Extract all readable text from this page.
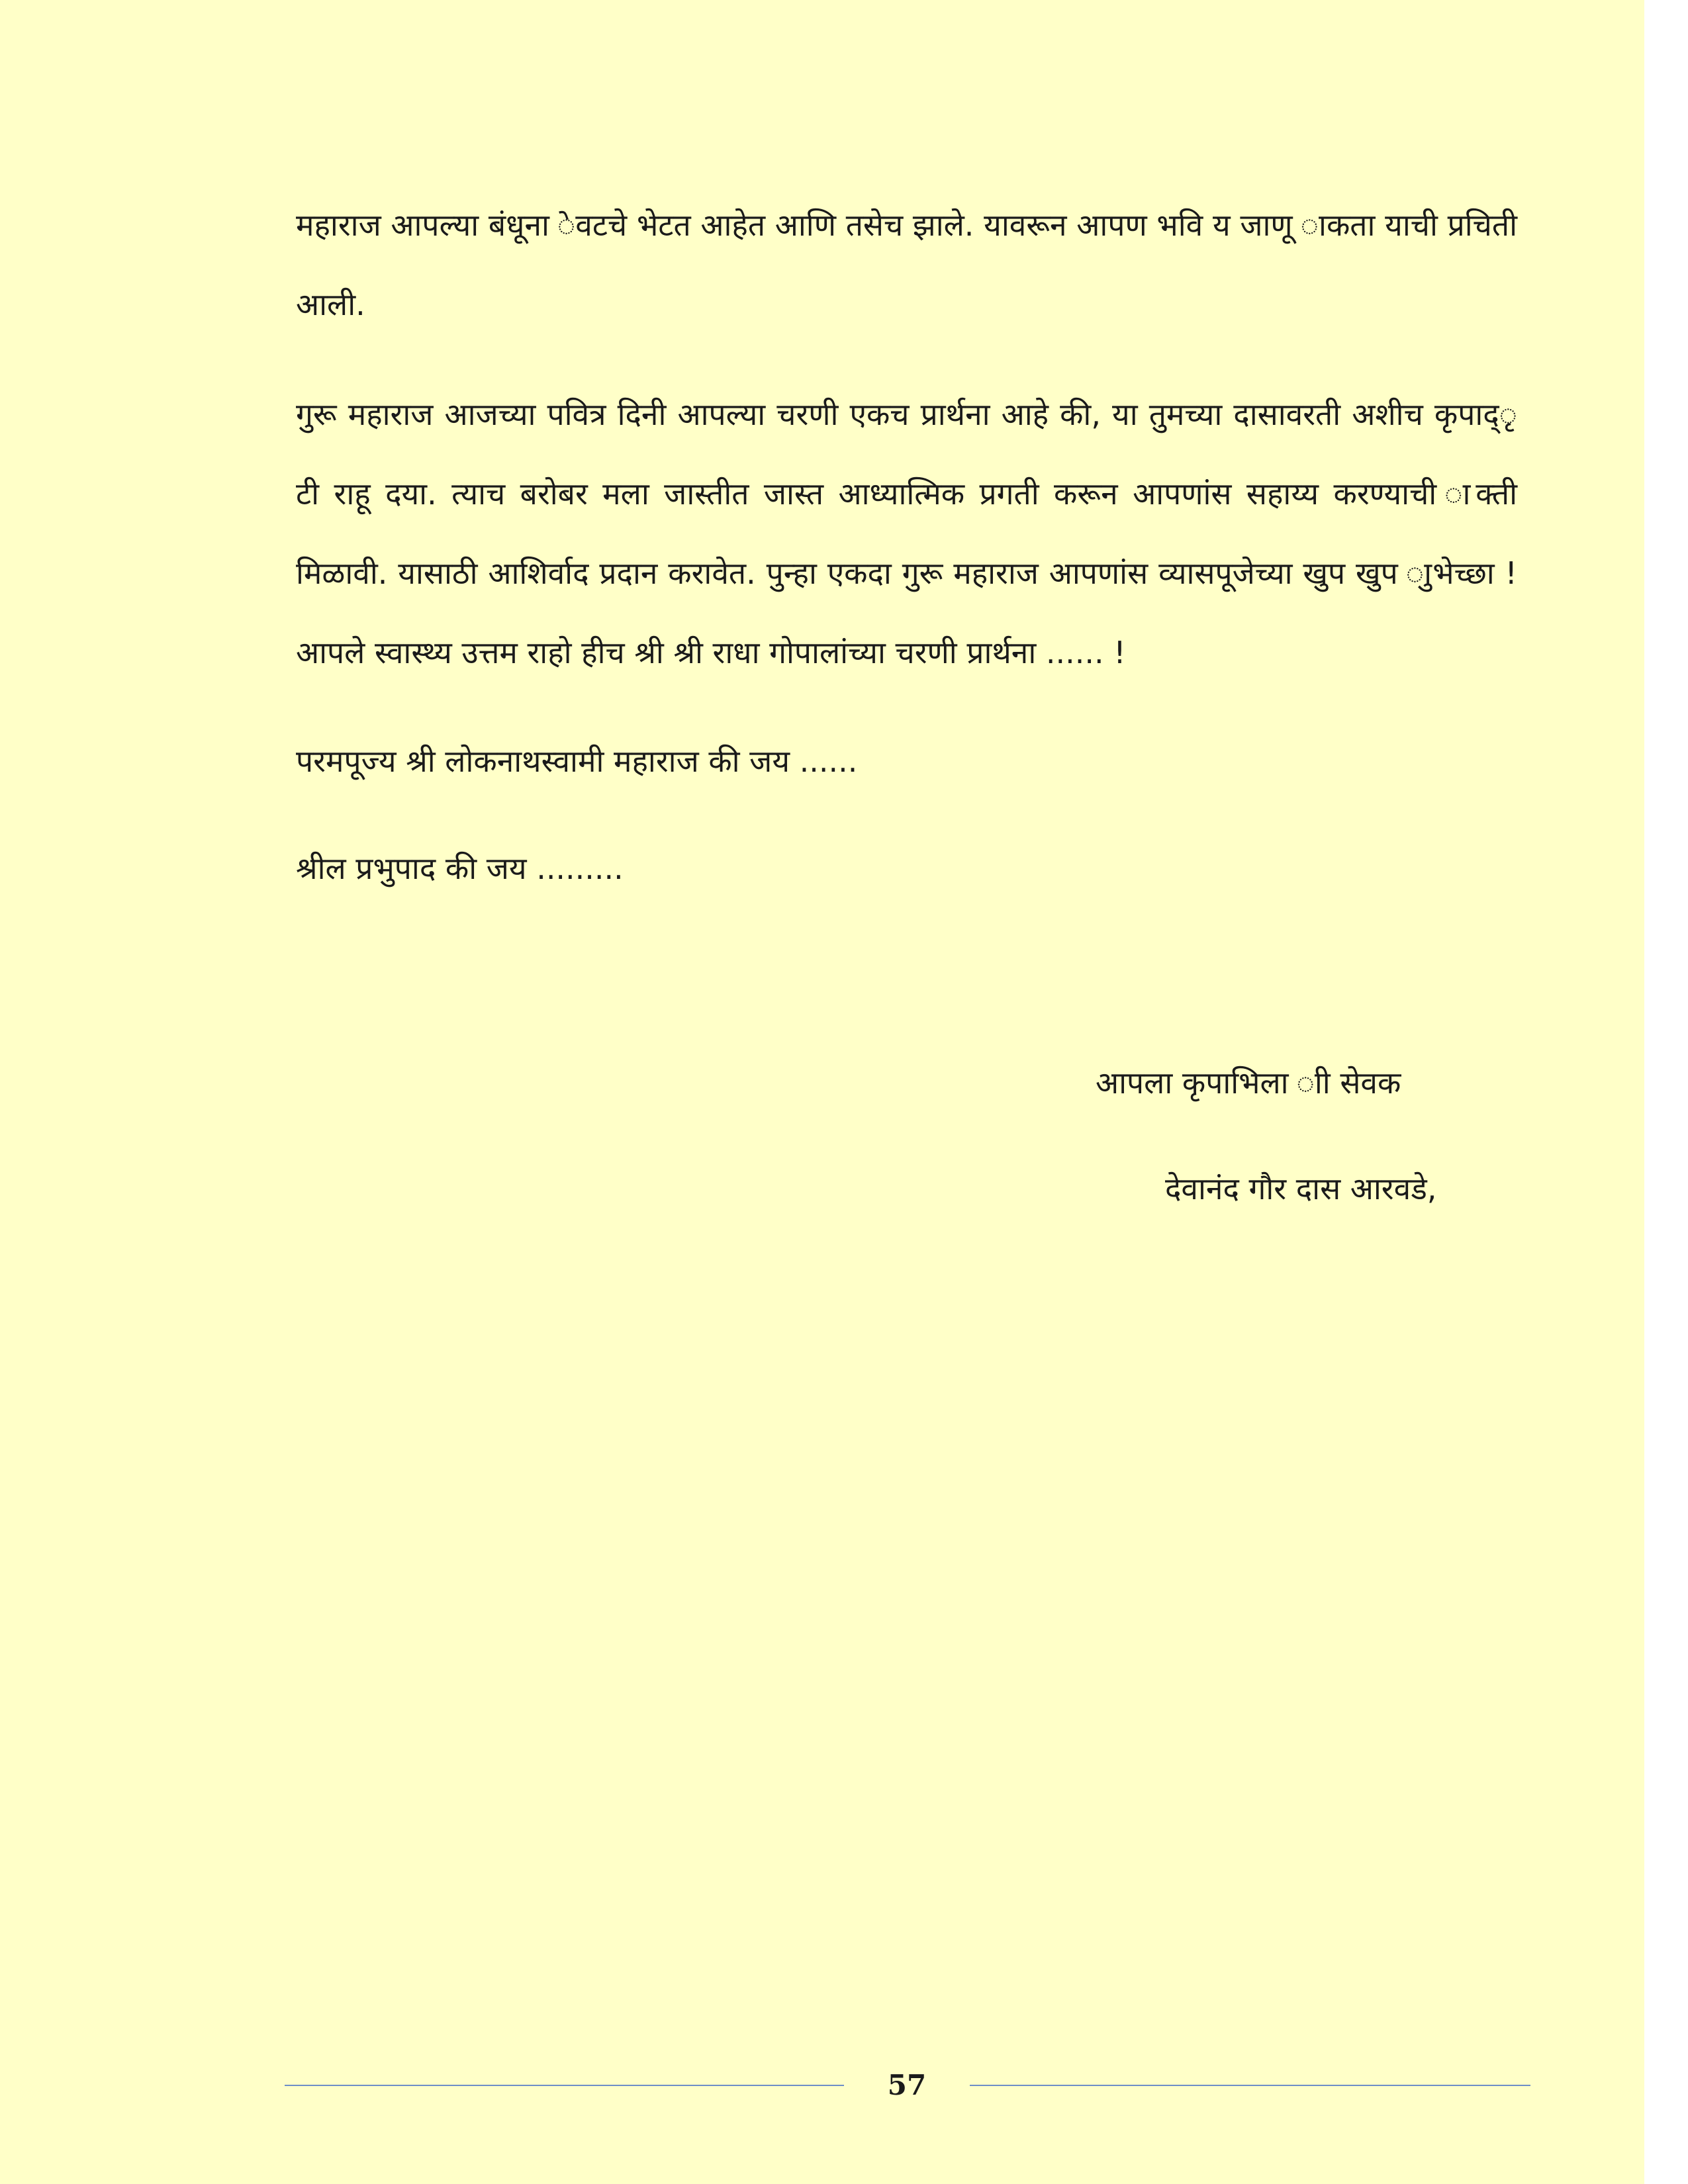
महाराज आपल्या बंधूना ेवटचे भेटत आहेत आणि तसेच झाले. यावरून आपण भवि य जाणू ाकता याची प्रचिती आली.

गुरू महाराज आजच्या पवित्र दिनी आपल्या चरणी एकच प्रार्थना आहे की, या तुमच्या दासावरती अशीच कृपाद्ृ टी राहू दया. त्याच बरोबर मला जास्तीत जास्त आध्यात्मिक प्रगती करून आपणांस सहाय्य करण्याची ाक्ती मिळावी. यासाठी आशिर्वाद प्रदान करावेत. पुन्हा एकदा गुरू महाराज आपणांस व्यासपूजेच्या खुप खुप ाुभेच्छा ! आपले स्वास्थ्य उत्तम राहो हीच श्री श्री राधा गोपालांच्या चरणी प्रार्थना ...... !

परमपूज्य श्री लोकनाथस्वामी महाराज की जय ......
श्रील प्रभुपाद की जय .........
आपला कृपाभिला ाी सेवक
देवानंद गौर दास आरवडे,
57
